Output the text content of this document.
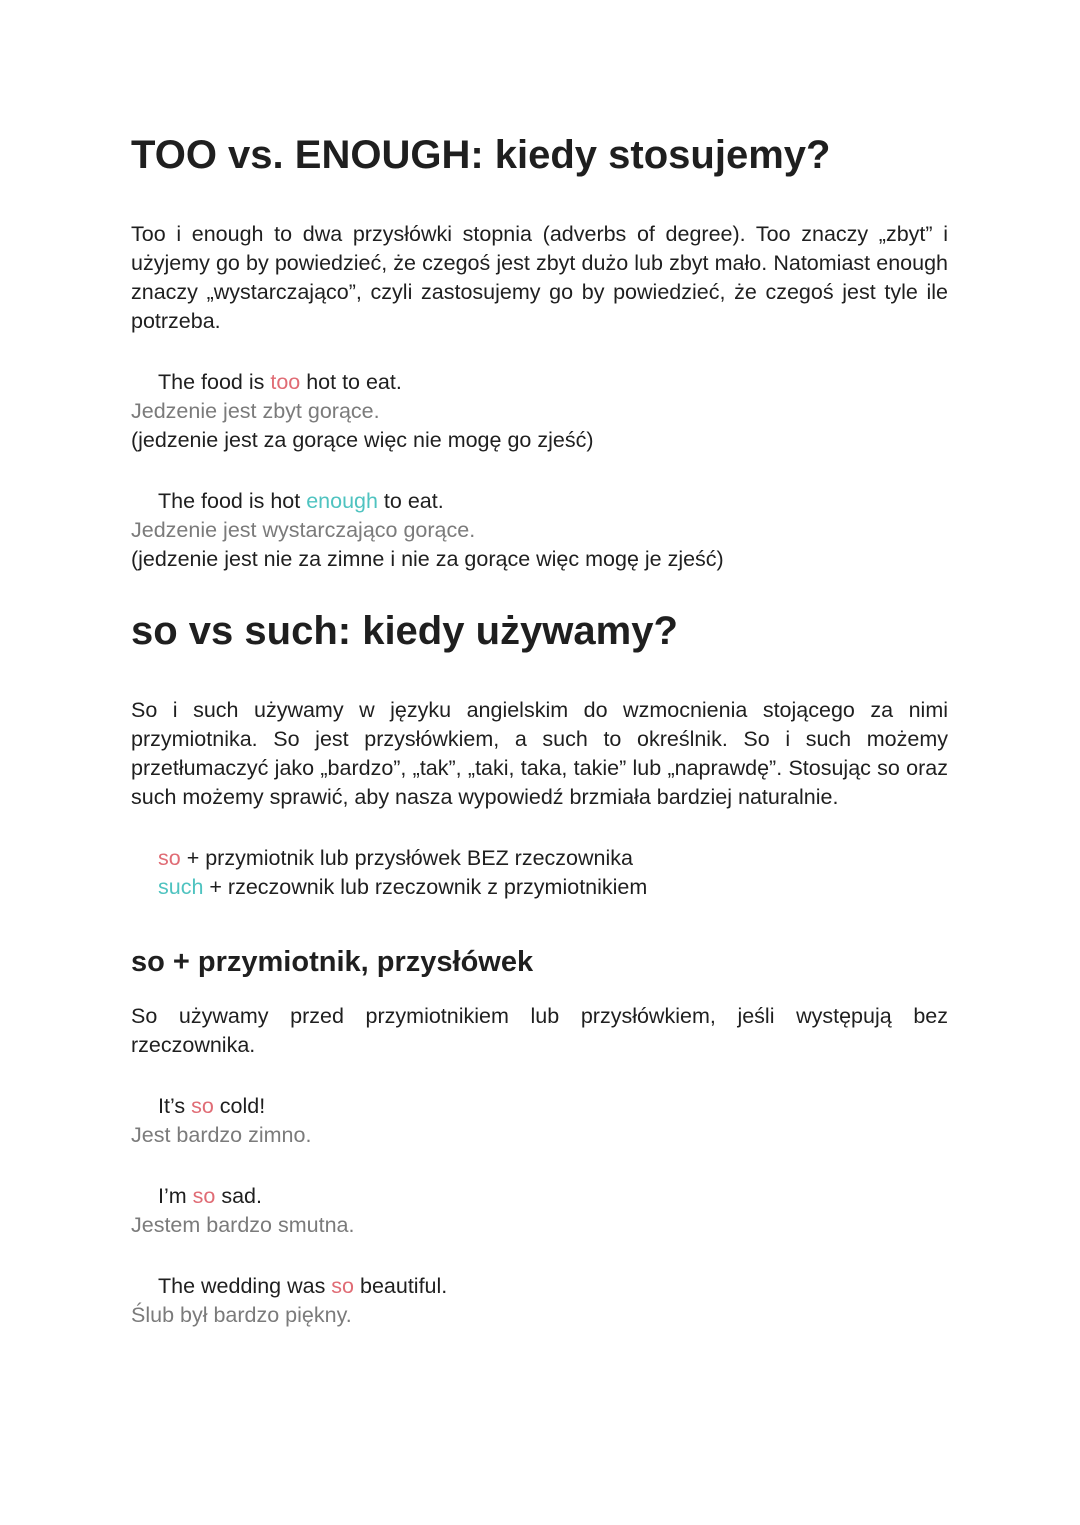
TOO vs. ENOUGH: kiedy stosujemy?

Too i enough to dwa przysłówki stopnia (adverbs of degree). Too znaczy „zbyt” i użyjemy go by powiedzieć, że czegoś jest zbyt dużo lub zbyt mało. Natomiast enough znaczy „wystarczająco”, czyli zastosujemy go by powiedzieć, że czegoś jest tyle ile potrzeba.

The food is too hot to eat.
Jedzenie jest zbyt gorące.
(jedzenie jest za gorące więc nie mogę go zjeść)
The food is hot enough to eat.
Jedzenie jest wystarczająco gorące.
(jedzenie jest nie za zimne i nie za gorące więc mogę je zjeść)
so vs such: kiedy używamy?

So i such używamy w języku angielskim do wzmocnienia stojącego za nimi przymiotnika. So jest przysłówkiem, a such to określnik. So i such możemy przetłumaczyć jako „bardzo”, „tak”, „taki, taka, takie” lub „naprawdę”. Stosując so oraz such możemy sprawić, aby nasza wypowiedź brzmiała bardziej naturalnie.

so + przymiotnik lub przysłówek BEZ rzeczownika
such + rzeczownik lub rzeczownik z przymiotnikiem
so + przymiotnik, przysłówek

So używamy przed przymiotnikiem lub przysłówkiem, jeśli występują bez rzeczownika.

It’s so cold!
Jest bardzo zimno.
I’m so sad.
Jestem bardzo smutna.
The wedding was so beautiful.
Ślub był bardzo piękny.
